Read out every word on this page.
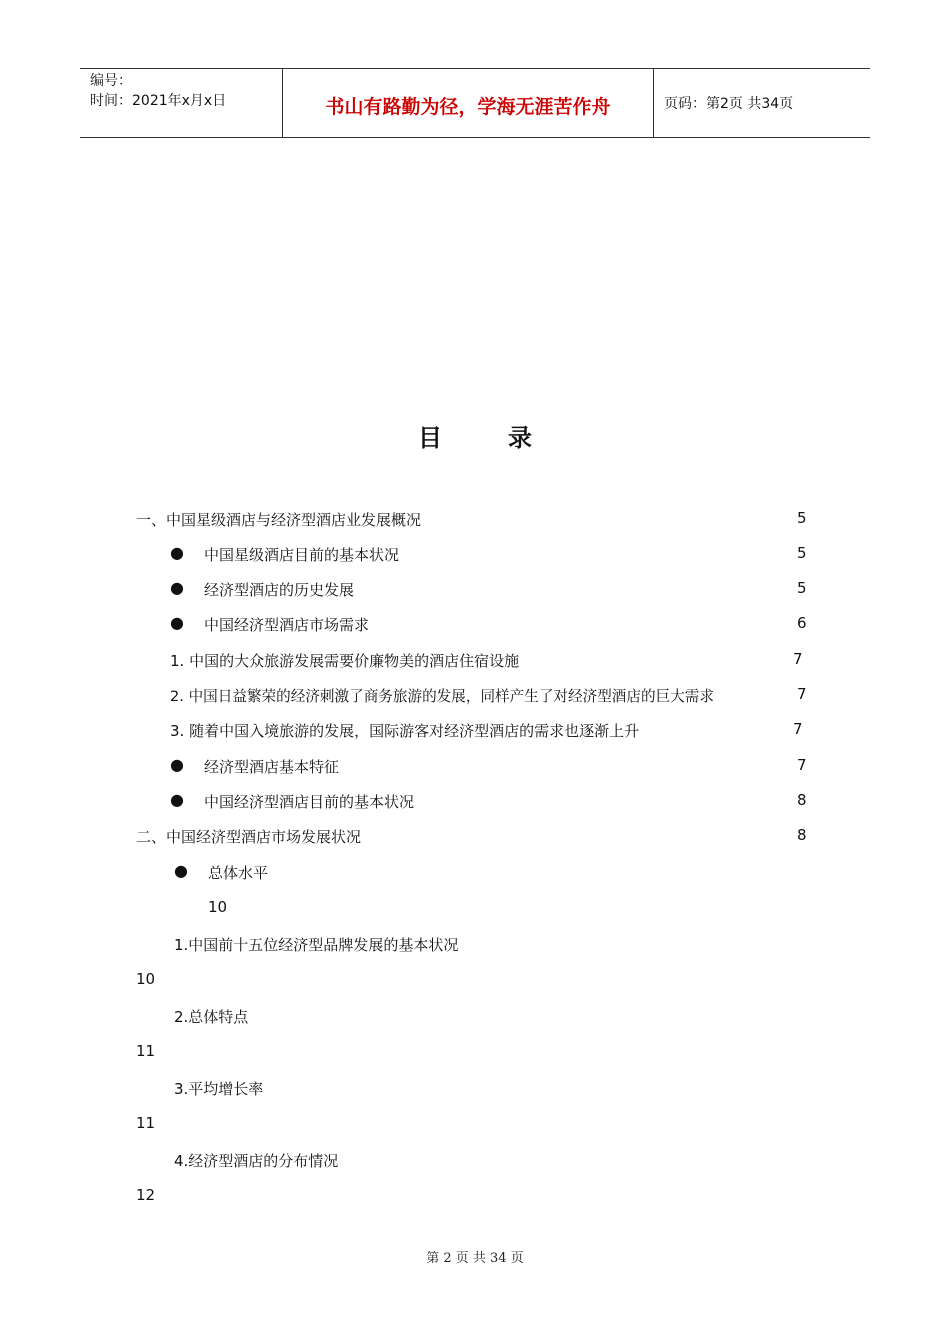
编号：
时间：2021年x月x日	书山有路勤为径，学海无涯苦作舟	页码：第2页 共34页
目录
一、中国星级酒店与经济型酒店业发展概况	5
● 中国星级酒店目前的基本状况	5
● 经济型酒店的历史发展	5
● 中国经济型酒店市场需求	6
1. 中国的大众旅游发展需要价廉物美的酒店住宿设施	7
2. 中国日益繁荣的经济刺激了商务旅游的发展，同样产生了对经济型酒店的巨大需求	7
3. 随着中国入境旅游的发展，国际游客对经济型酒店的需求也逐渐上升	7
● 经济型酒店基本特征	7
● 中国经济型酒店目前的基本状况	8
二、中国经济型酒店市场发展状况	8
● 总体水平
10
1.中国前十五位经济型品牌发展的基本状况
10
2.总体特点
11
3.平均增长率
11
4.经济型酒店的分布情况
12
第 2 页 共 34 页
